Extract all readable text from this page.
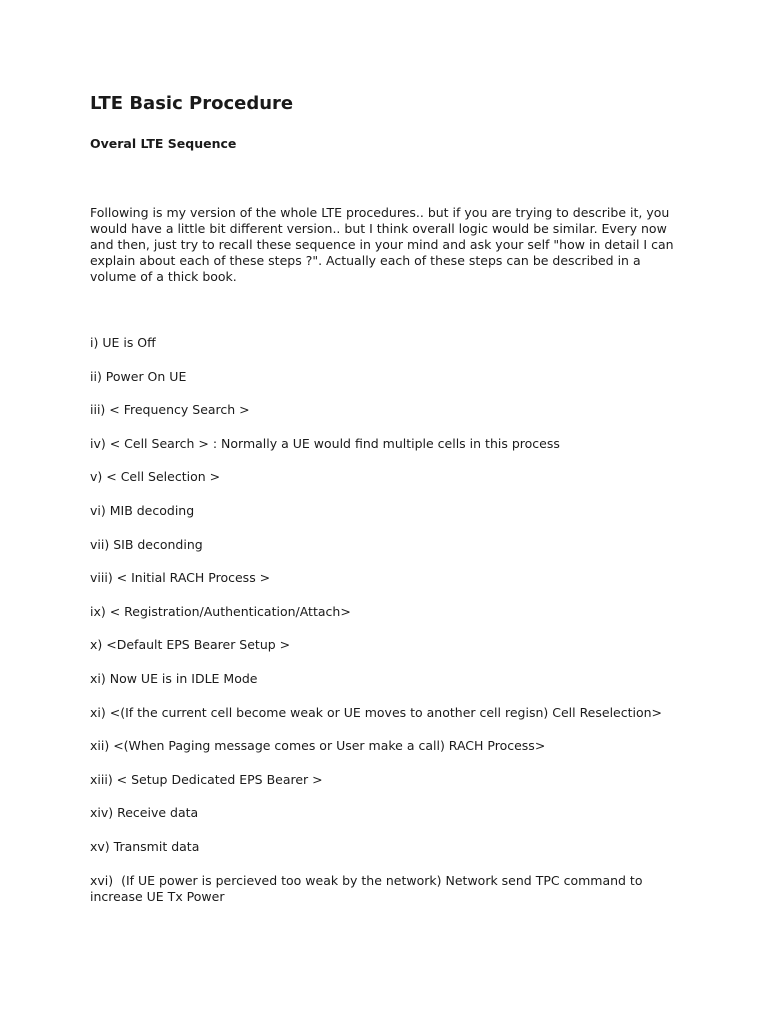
LTE Basic Procedure
Overal LTE Sequence

Following is my version of the whole LTE procedures.. but if you are trying to describe it, you would have a little bit different version.. but I think overall logic would be similar. Every now and then, just try to recall these sequence in your mind and ask your self "how in detail I can explain about each of these steps ?". Actually each of these steps can be described in a volume of a thick book.

i) UE is Off
ii) Power On UE
iii) < Frequency Search >
iv) < Cell Search > : Normally a UE would find multiple cells in this process
v) < Cell Selection >
vi) MIB decoding
vii) SIB deconding
viii) < Initial RACH Process >
ix) < Registration/Authentication/Attach>
x) <Default EPS Bearer Setup >
xi) Now UE is in IDLE Mode
xi) <(If the current cell become weak or UE moves to another cell regisn) Cell Reselection>
xii) <(When Paging message comes or User make a call) RACH Process>
xiii) < Setup Dedicated EPS Bearer >
xiv) Receive data
xv) Transmit data
xvi)  (If UE power is percieved too weak by the network) Network send TPC command to increase UE Tx Power
